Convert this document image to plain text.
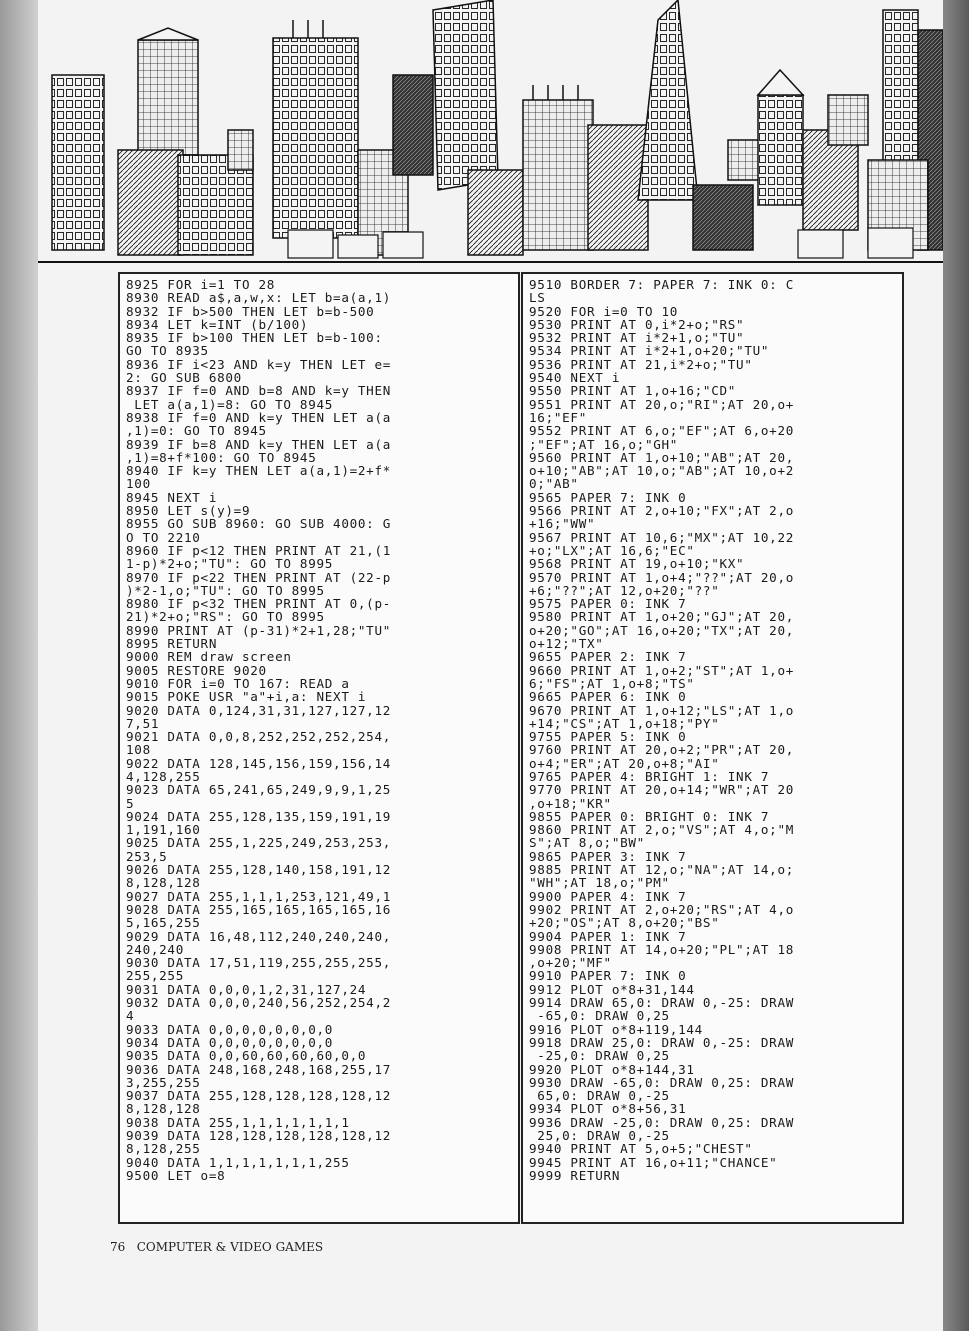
8925 FOR i=1 TO 28
8930 READ a$,a,w,x: LET b=a(a,1)
8932 IF b>500 THEN LET b=b-500
8934 LET k=INT (b/100)
8935 IF b>100 THEN LET b=b-100:
GO TO 8935
8936 IF i<23 AND k=y THEN LET e=
2: GO SUB 6800
8937 IF f=0 AND b=8 AND k=y THEN
LET a(a,1)=8: GO TO 8945
8938 IF f=0 AND k=y THEN LET a(a
,1)=0: GO TO 8945
8939 IF b=8 AND k=y THEN LET a(a
,1)=8+f*100: GO TO 8945
8940 IF k=y THEN LET a(a,1)=2+f*
100
8945 NEXT i
8950 LET s(y)=9
8955 GO SUB 8960: GO SUB 4000: G
O TO 2210
8960 IF p<12 THEN PRINT AT 21,(1
1-p)*2+o;"TU": GO TO 8995
8970 IF p<22 THEN PRINT AT (22-p
)*2-1,o;"TU": GO TO 8995
8980 IF p<32 THEN PRINT AT 0,(p-
21)*2+o;"RS": GO TO 8995
8990 PRINT AT (p-31)*2+1,28;"TU"
8995 RETURN
9000 REM draw screen
9005 RESTORE 9020
9010 FOR i=0 TO 167: READ a
9015 POKE USR "a"+i,a: NEXT i
9020 DATA 0,124,31,31,127,127,12
7,51
9021 DATA 0,0,8,252,252,252,254,
108
9022 DATA 128,145,156,159,156,14
4,128,255
9023 DATA 65,241,65,249,9,9,1,25
5
9024 DATA 255,128,135,159,191,19
1,191,160
9025 DATA 255,1,225,249,253,253,
253,5
9026 DATA 255,128,140,158,191,12
8,128,128
9027 DATA 255,1,1,1,253,121,49,1
9028 DATA 255,165,165,165,165,16
5,165,255
9029 DATA 16,48,112,240,240,240,
240,240
9030 DATA 17,51,119,255,255,255,
255,255
9031 DATA 0,0,0,1,2,31,127,24
9032 DATA 0,0,0,240,56,252,254,2
4
9033 DATA 0,0,0,0,0,0,0,0
9034 DATA 0,0,0,0,0,0,0,0
9035 DATA 0,0,60,60,60,60,0,0
9036 DATA 248,168,248,168,255,17
3,255,255
9037 DATA 255,128,128,128,128,12
8,128,128
9038 DATA 255,1,1,1,1,1,1,1
9039 DATA 128,128,128,128,128,12
8,128,255
9040 DATA 1,1,1,1,1,1,1,255
9500 LET o=8
9510 BORDER 7: PAPER 7: INK 0: C
LS
9520 FOR i=0 TO 10
9530 PRINT AT 0,i*2+o;"RS"
9532 PRINT AT i*2+1,o;"TU"
9534 PRINT AT i*2+1,o+20;"TU"
9536 PRINT AT 21,i*2+o;"TU"
9540 NEXT i
9550 PRINT AT 1,o+16;"CD"
9551 PRINT AT 20,o;"RI";AT 20,o+
16;"EF"
9552 PRINT AT 6,o;"EF";AT 6,o+20
;"EF";AT 16,o;"GH"
9560 PRINT AT 1,o+10;"AB";AT 20,
o+10;"AB";AT 10,o;"AB";AT 10,o+2
0;"AB"
9565 PAPER 7: INK 0
9566 PRINT AT 2,o+10;"FX";AT 2,o
+16;"WW"
9567 PRINT AT 10,6;"MX";AT 10,22
+o;"LX";AT 16,6;"EC"
9568 PRINT AT 19,o+10;"KX"
9570 PRINT AT 1,o+4;"??";AT 20,o
+6;"??";AT 12,o+20;"??"
9575 PAPER 0: INK 7
9580 PRINT AT 1,o+20;"GJ";AT 20,
o+20;"GO";AT 16,o+20;"TX";AT 20,
o+12;"TX"
9655 PAPER 2: INK 7
9660 PRINT AT 1,o+2;"ST";AT 1,o+
6;"FS";AT 1,o+8;"TS"
9665 PAPER 6: INK 0
9670 PRINT AT 1,o+12;"LS";AT 1,o
+14;"CS";AT 1,o+18;"PY"
9755 PAPER 5: INK 0
9760 PRINT AT 20,o+2;"PR";AT 20,
o+4;"ER";AT 20,o+8;"AI"
9765 PAPER 4: BRIGHT 1: INK 7
9770 PRINT AT 20,o+14;"WR";AT 20
,o+18;"KR"
9855 PAPER 0: BRIGHT 0: INK 7
9860 PRINT AT 2,o;"VS";AT 4,o;"M
S";AT 8,o;"BW"
9865 PAPER 3: INK 7
9885 PRINT AT 12,o;"NA";AT 14,o;
"WH";AT 18,o;"PM"
9900 PAPER 4: INK 7
9902 PRINT AT 2,o+20;"RS";AT 4,o
+20;"OS";AT 8,o+20;"BS"
9904 PAPER 1: INK 7
9908 PRINT AT 14,o+20;"PL";AT 18
,o+20;"MF"
9910 PAPER 7: INK 0
9912 PLOT o*8+31,144
9914 DRAW 65,0: DRAW 0,-25: DRAW
-65,0: DRAW 0,25
9916 PLOT o*8+119,144
9918 DRAW 25,0: DRAW 0,-25: DRAW
-25,0: DRAW 0,25
9920 PLOT o*8+144,31
9930 DRAW -65,0: DRAW 0,25: DRAW
65,0: DRAW 0,-25
9934 PLOT o*8+56,31
9936 DRAW -25,0: DRAW 0,25: DRAW
25,0: DRAW 0,-25
9940 PRINT AT 5,o+5;"CHEST"
9945 PRINT AT 16,o+11;"CHANCE"
9999 RETURN
76 COMPUTER & VIDEO GAMES
